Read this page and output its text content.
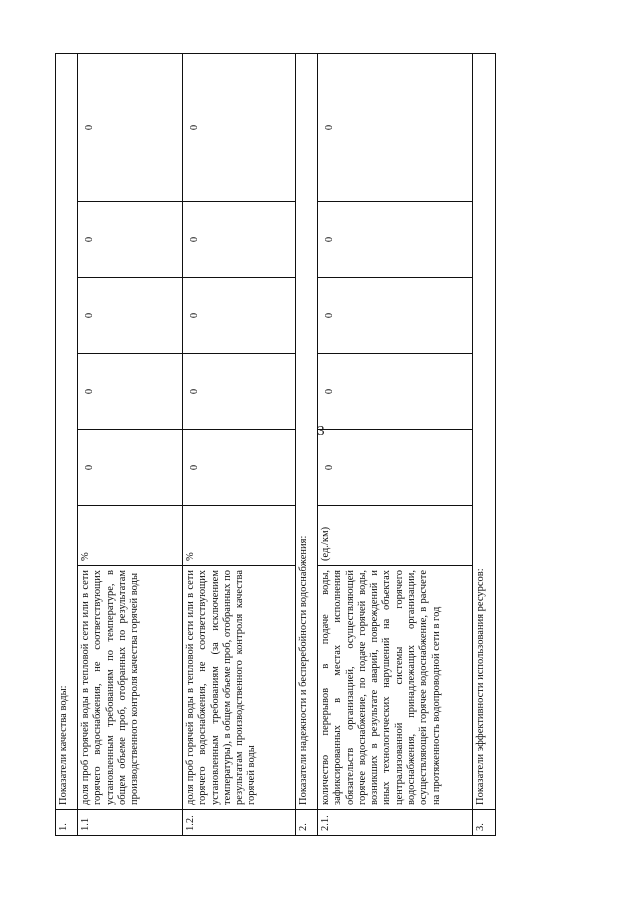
3
1.	Показатели качества воды:						
1.1	доля проб горячей воды в тепловой сети или в сети горячего водоснабжения, не соответствующих установленным требованиям по температуре, в общем объеме проб, отобранных по результатам производственного контроля качества горячей воды	%	0	0	0	0	0
1.2.	доля проб горячей воды в тепловой сети или в сети горячего водоснабжения, не соответствующих установленным требованиям (за исключением температуры), в общем объеме проб, отобранных по результатам производственного контроля качества горячей воды	%	0	0	0	0	0
2.	Показатели надежности и бесперебойности водоснабжения:						
2.1.	количество перерывов в подаче воды, зафиксированных в местах исполнения обязательств организацией, осуществляющей горячее водоснабжение, по подаче горячей воды, возникших в результате аварий, повреждений и иных технологических нарушений на объектах централизованной системы горячего водоснабжения, принадлежащих организации, осуществляющей горячее водоснабжение, в расчете на протяженность водопроводной сети в год	(ед./км)	0	0	0	0	0
3.	Показатели эффективности использования ресурсов:						
